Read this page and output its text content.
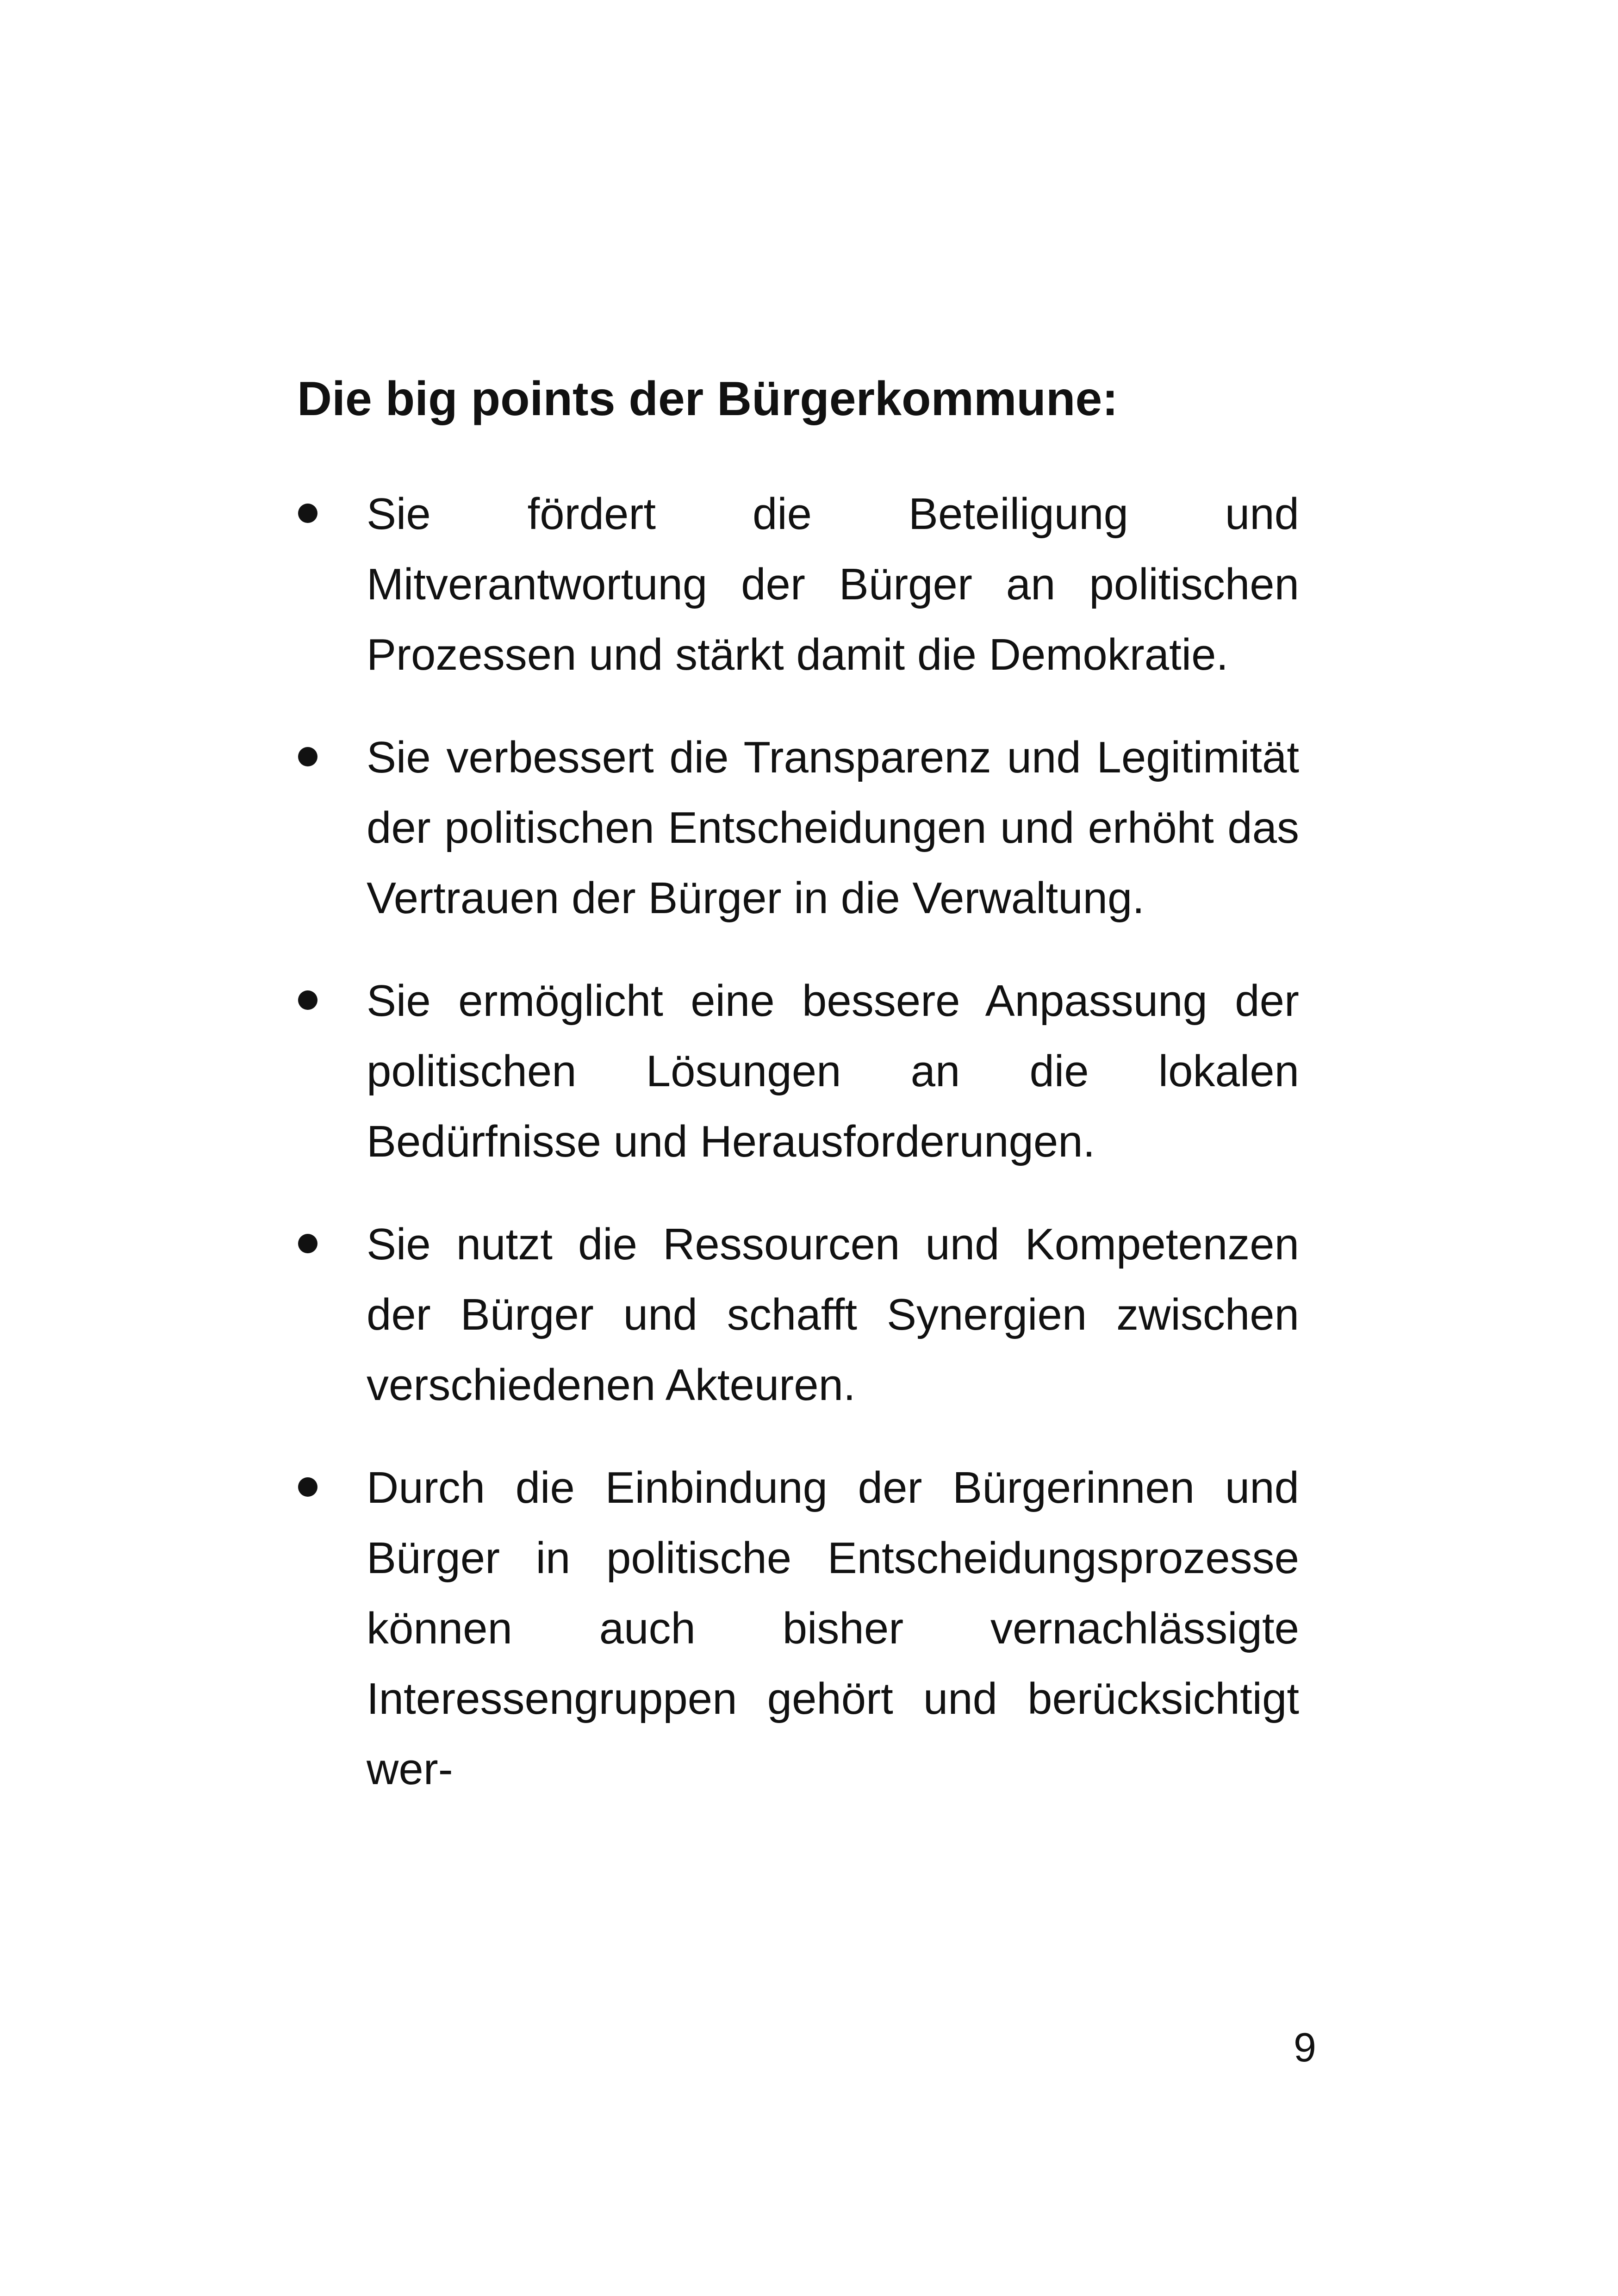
Die big points der Bürgerkommune:
Sie fördert die Beteiligung und Mitverantwortung der Bürger an politischen Prozessen und stärkt damit die Demokratie.
Sie verbessert die Transparenz und Legitimität der politischen Entscheidungen und erhöht das Vertrauen der Bürger in die Verwaltung.
Sie ermöglicht eine bessere Anpassung der politischen Lösungen an die lokalen Bedürfnisse und Herausforderungen.
Sie nutzt die Ressourcen und Kompetenzen der Bürger und schafft Synergien zwischen verschiedenen Akteuren.
Durch die Einbindung der Bürgerinnen und Bürger in politische Entscheidungsprozesse können auch bisher vernachlässigte Interessengruppen gehört und berücksichtigt wer-
9
